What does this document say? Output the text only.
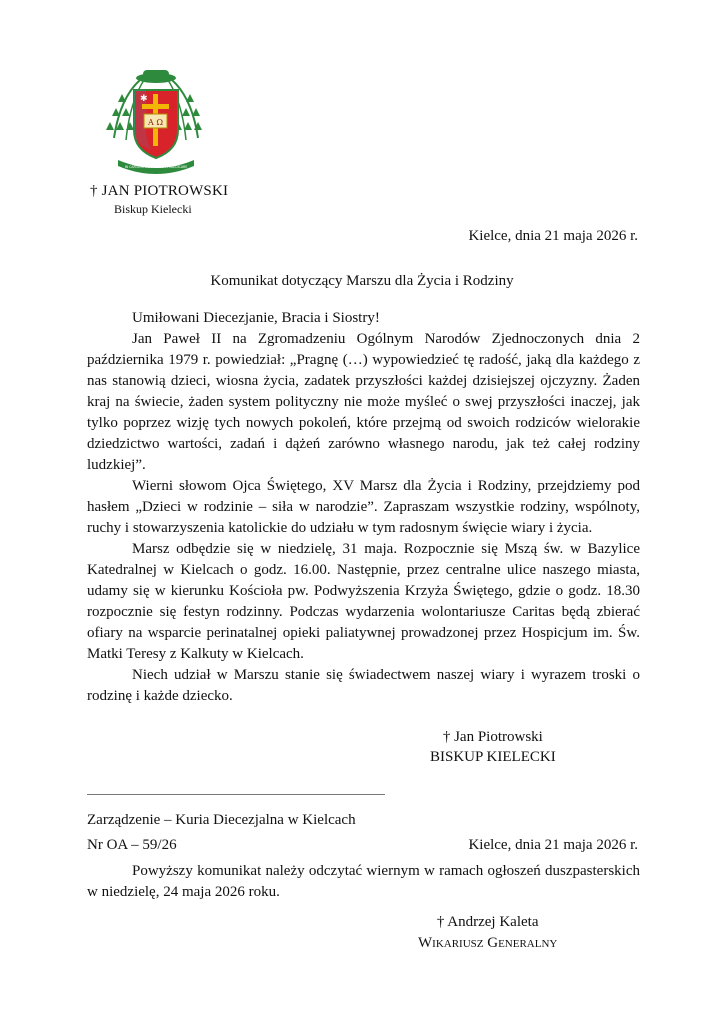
A Ω
✱
IN CARITATE EVANGELIUM PRAEDICARE
† JAN PIOTROWSKI
Biskup Kielecki
Kielce, dnia 21 maja 2026 r.
Komunikat dotyczący Marszu dla Życia i Rodziny

Umiłowani Diecezjanie, Bracia i Siostry!

Jan Paweł II na Zgromadzeniu Ogólnym Narodów Zjednoczonych dnia 2 października 1979 r. powiedział: „Pragnę (…) wypowiedzieć tę radość, jaką dla każdego z nas stanowią dzieci, wiosna życia, zadatek przyszłości każdej dzisiejszej ojczyzny. Żaden kraj na świecie, żaden system polityczny nie może myśleć o swej przyszłości inaczej, jak tylko poprzez wizję tych nowych pokoleń, które przejmą od swoich rodziców wielorakie dziedzictwo wartości, zadań i dążeń zarówno własnego narodu, jak też całej rodziny ludzkiej”.

Wierni słowom Ojca Świętego, XV Marsz dla Życia i Rodziny, przejdziemy pod hasłem „Dzieci w rodzinie – siła w narodzie”. Zapraszam wszystkie rodziny, wspólnoty, ruchy i stowarzyszenia katolickie do udziału w tym radosnym święcie wiary i życia.

Marsz odbędzie się w niedzielę, 31 maja. Rozpocznie się Mszą św. w Bazylice Katedralnej w Kielcach o godz. 16.00. Następnie, przez centralne ulice naszego miasta, udamy się w kierunku Kościoła pw. Podwyższenia Krzyża Świętego, gdzie o godz. 18.30 rozpocznie się festyn rodzinny. Podczas wydarzenia wolontariusze Caritas będą zbierać ofiary na wsparcie perinatalnej opieki paliatywnej prowadzonej przez Hospicjum im. Św. Matki Teresy z Kalkuty w Kielcach.

Niech udział w Marszu stanie się świadectwem naszej wiary i wyrazem troski o rodzinę i każde dziecko.

† Jan Piotrowski
BISKUP KIELECKI
Zarządzenie – Kuria Diecezjalna w Kielcach
Nr OA – 59/26	Kielce, dnia 21 maja 2026 r.

Powyższy komunikat należy odczytać wiernym w ramach ogłoszeń duszpasterskich w niedzielę, 24 maja 2026 roku.

† Andrzej Kaleta
Wikariusz Generalny
